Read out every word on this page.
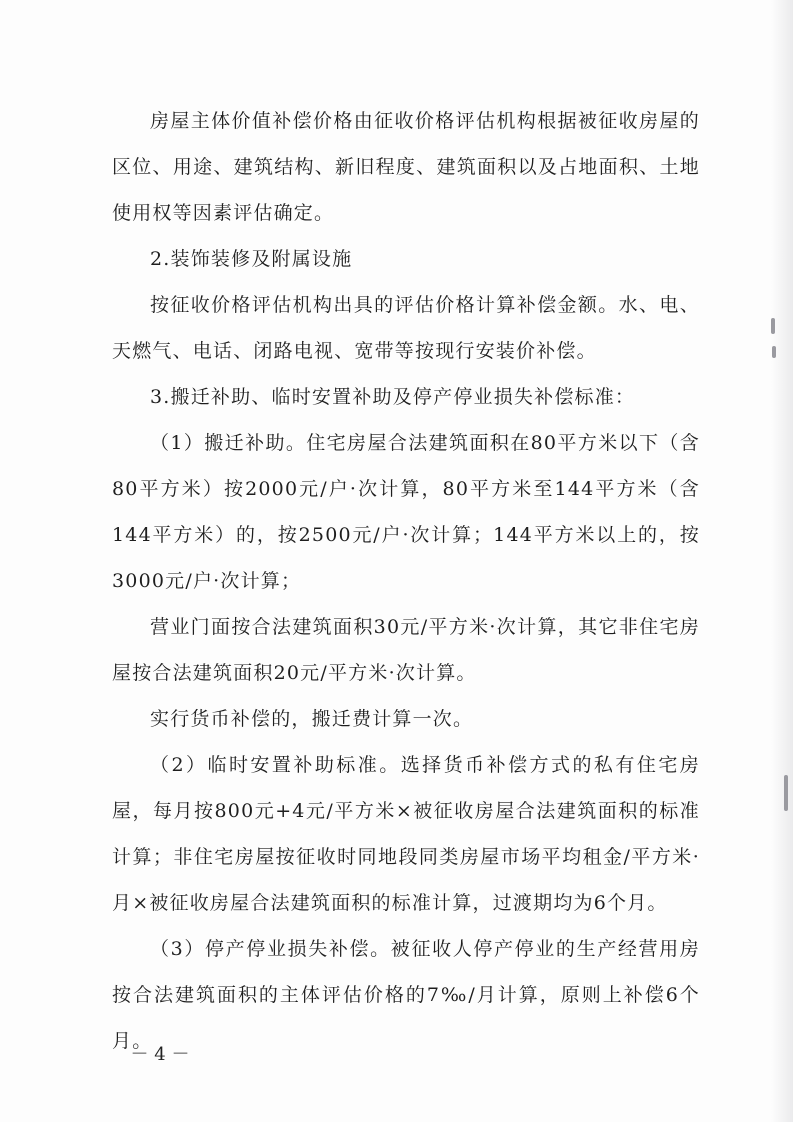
房屋主体价值补偿价格由征收价格评估机构根据被征收房屋的区位、用途、建筑结构、新旧程度、建筑面积以及占地面积、土地使用权等因素评估确定。

2.装饰装修及附属设施

按征收价格评估机构出具的评估价格计算补偿金额。水、电、天燃气、电话、闭路电视、宽带等按现行安装价补偿。

3.搬迁补助、临时安置补助及停产停业损失补偿标准：

（1）搬迁补助。住宅房屋合法建筑面积在80平方米以下（含80平方米）按2000元/户·次计算，80平方米至144平方米（含144平方米）的，按2500元/户·次计算；144平方米以上的，按3000元/户·次计算；

营业门面按合法建筑面积30元/平方米·次计算，其它非住宅房屋按合法建筑面积20元/平方米·次计算。

实行货币补偿的，搬迁费计算一次。

（2）临时安置补助标准。选择货币补偿方式的私有住宅房屋，每月按800元+4元/平方米×被征收房屋合法建筑面积的标准计算；非住宅房屋按征收时同地段同类房屋市场平均租金/平方米·月×被征收房屋合法建筑面积的标准计算，过渡期均为6个月。

（3）停产停业损失补偿。被征收人停产停业的生产经营用房按合法建筑面积的主体评估价格的7‰/月计算，原则上补偿6个月。

－ 4 －
